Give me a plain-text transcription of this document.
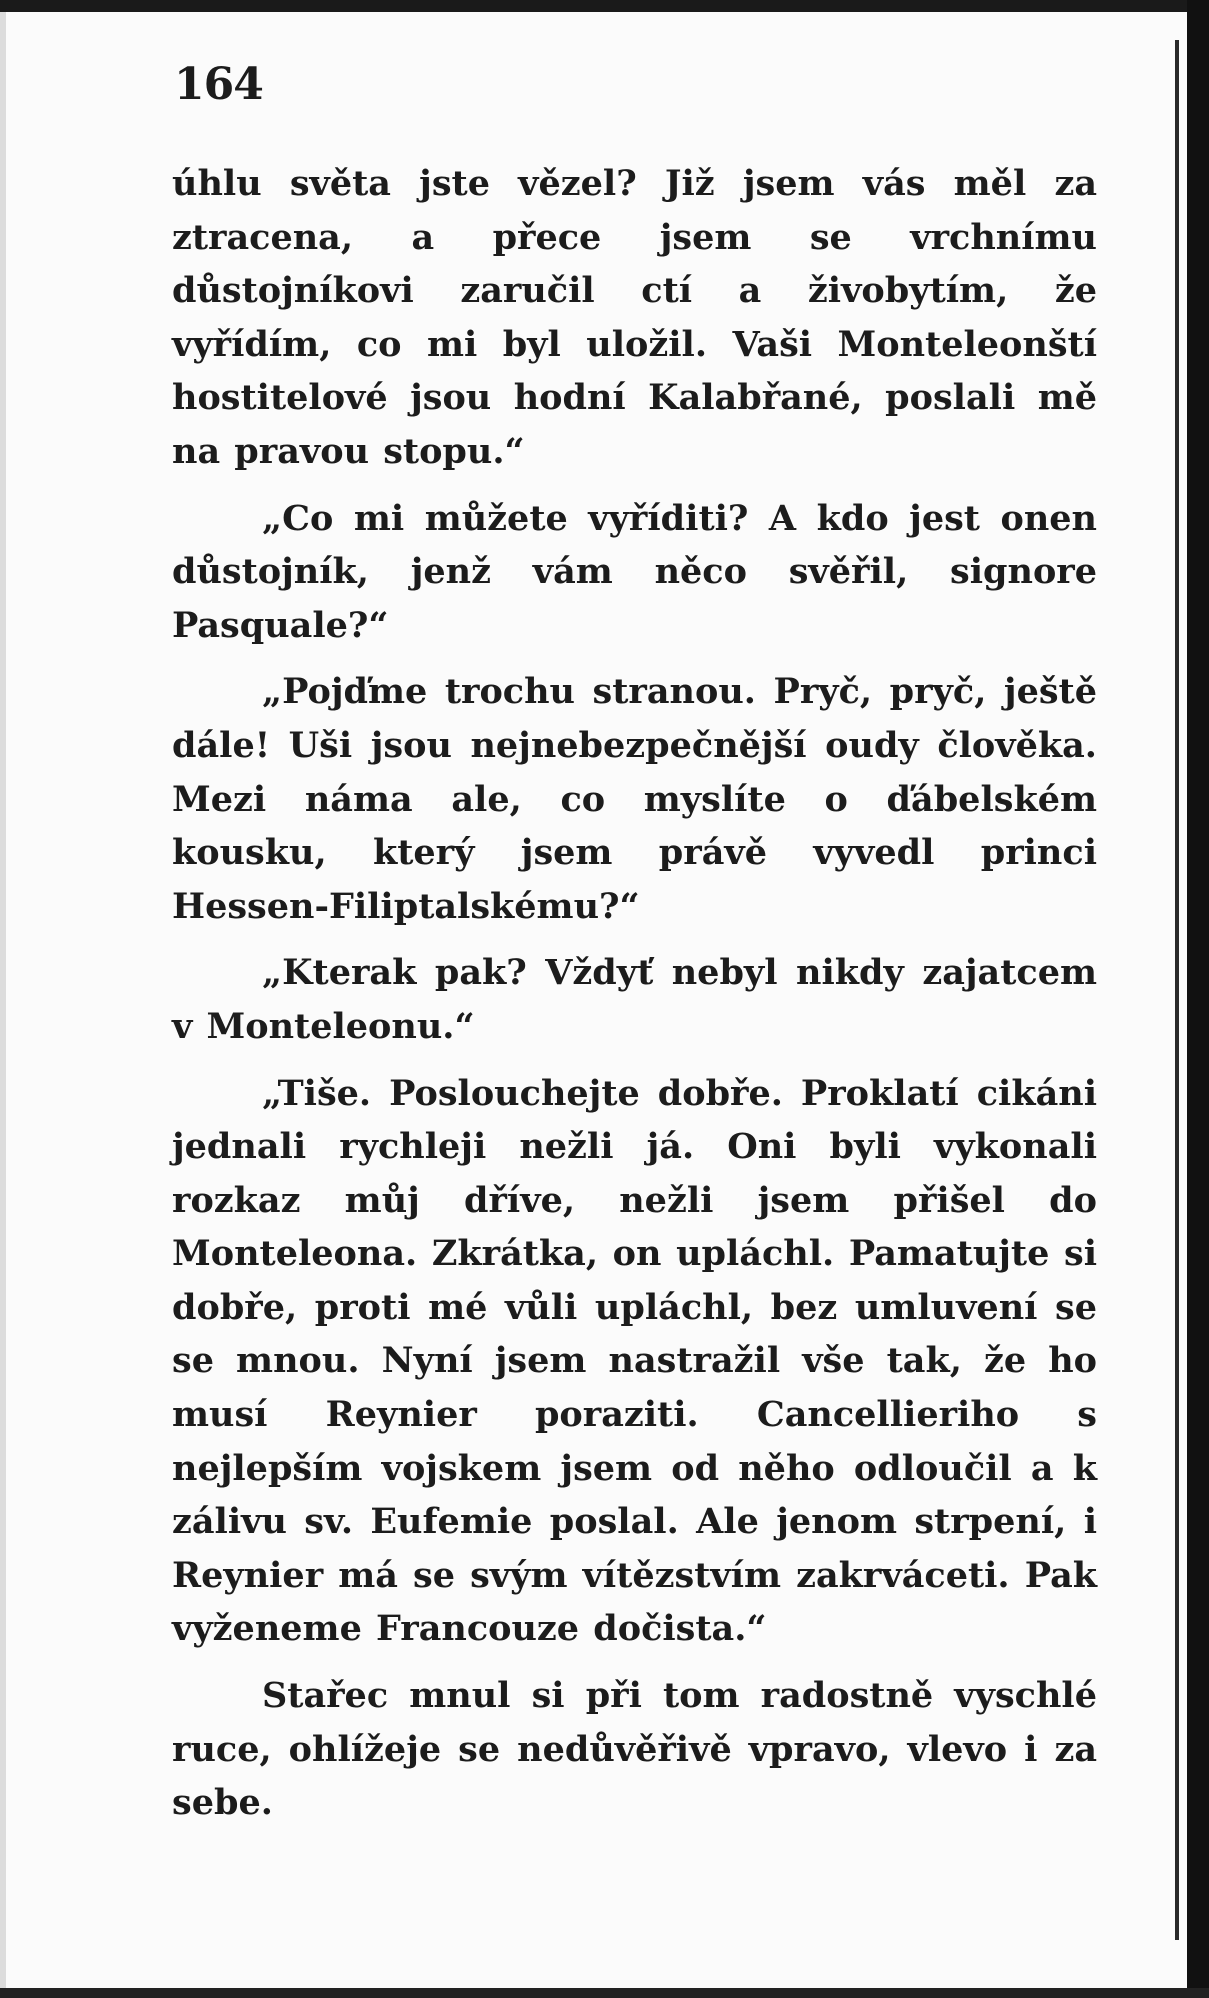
164

úhlu světa jste vězel? Již jsem vás měl za ztracena, a přece jsem se vrchnímu důstojníkovi zaručil ctí a živobytím, že vyřídím, co mi byl uložil. Vaši Monteleonští hostitelové jsou hodní Kalabřané, poslali mě na pravou stopu.“

„Co mi můžete vyříditi? A kdo jest onen důstojník, jenž vám něco svěřil, signore Pasquale?“

„Pojďme trochu stranou. Pryč, pryč, ještě dále! Uši jsou nejnebezpečnější oudy člověka. Mezi náma ale, co myslíte o ďábelském kousku, který jsem právě vyvedl princi Hessen-Filiptalskému?“

„Kterak pak? Vždyť nebyl nikdy zajatcem v Monteleonu.“

„Tiše. Poslouchejte dobře. Proklatí cikáni jednali rychleji nežli já. Oni byli vykonali rozkaz můj dříve, nežli jsem přišel do Monteleona. Zkrátka, on upláchl. Pamatujte si dobře, proti mé vůli upláchl, bez umluvení se se mnou. Nyní jsem nastražil vše tak, že ho musí Reynier poraziti. Cancellieriho s nejlepším vojskem jsem od něho odloučil a k zálivu sv. Eufemie poslal. Ale jenom strpení, i Reynier má se svým vítězstvím zakrváceti. Pak vyženeme Francouze dočista.“

Stařec mnul si při tom radostně vyschlé ruce, ohlížeje se nedůvěřivě vpravo, vlevo i za sebe.
